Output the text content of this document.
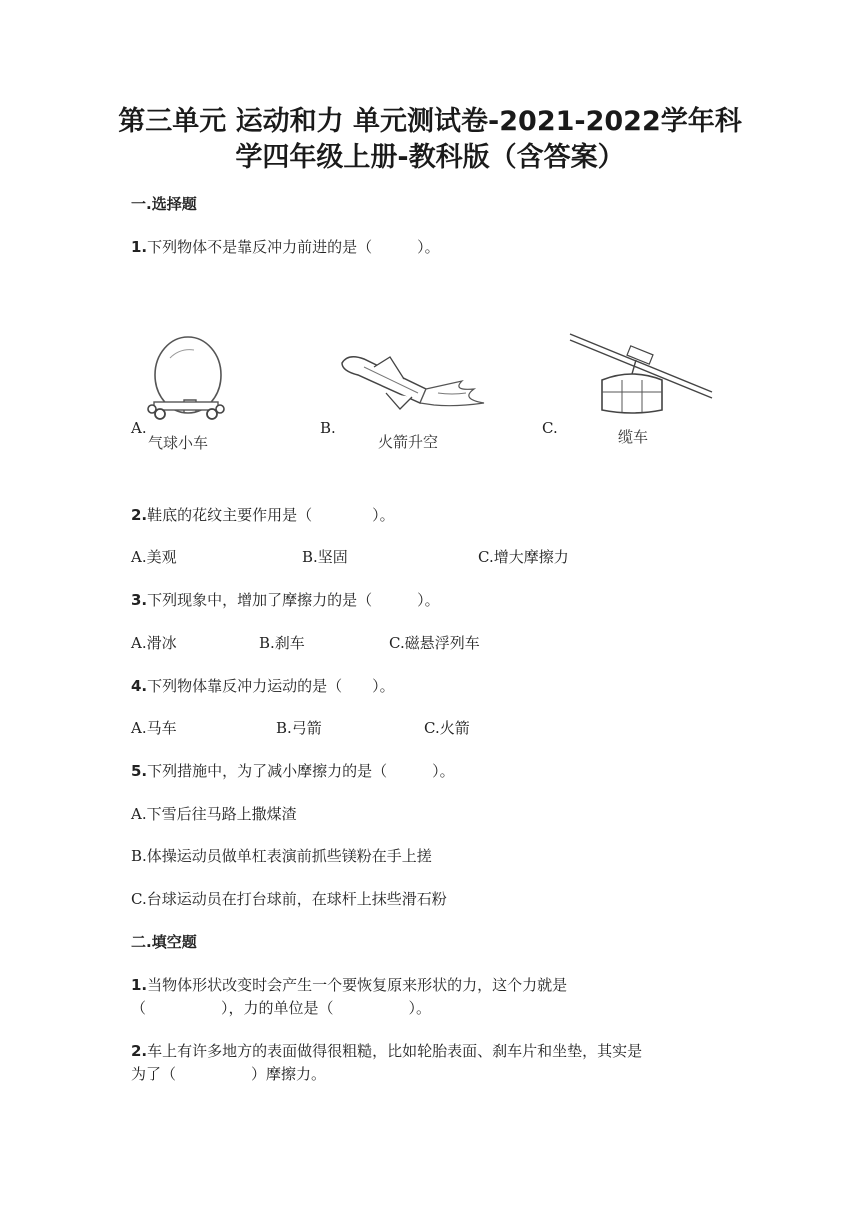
第三单元 运动和力 单元测试卷-2021-2022学年科
学四年级上册-教科版（含答案）
一.选择题
1.下列物体不是靠反冲力前进的是（　　　）。
A.
气球小车
B.
火箭升空
C.	缆车
2.鞋底的花纹主要作用是（　　　　）。
A.美观	B.坚固	C.增大摩擦力
3.下列现象中，增加了摩擦力的是（　　　）。
A.滑冰	B.刹车	C.磁悬浮列车
4.下列物体靠反冲力运动的是（　　）。
A.马车	B.弓箭	C.火箭
5.下列措施中，为了减小摩擦力的是（　　　）。
A.下雪后往马路上撒煤渣
B.体操运动员做单杠表演前抓些镁粉在手上搓
C.台球运动员在打台球前，在球杆上抹些滑石粉
二.填空题
1.当物体形状改变时会产生一个要恢复原来形状的力，这个力就是
（　　　　　），力的单位是（　　　　　）。
2.车上有许多地方的表面做得很粗糙，比如轮胎表面、刹车片和坐垫，其实是
为了（　　　　　）摩擦力。
